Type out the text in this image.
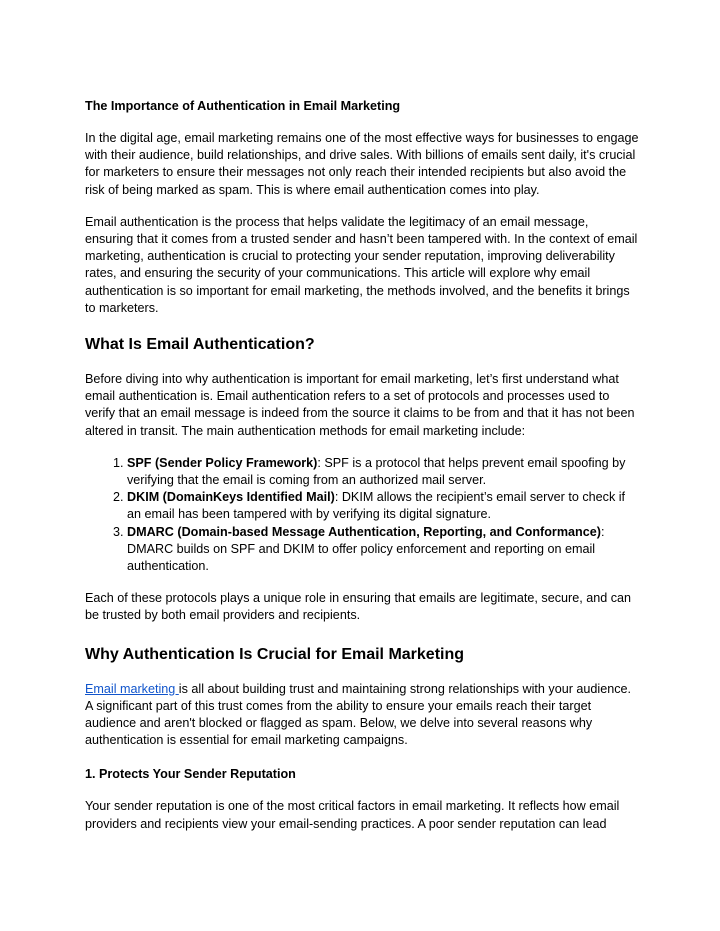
The Importance of Authentication in Email Marketing

In the digital age, email marketing remains one of the most effective ways for businesses to engage with their audience, build relationships, and drive sales. With billions of emails sent daily, it's crucial for marketers to ensure their messages not only reach their intended recipients but also avoid the risk of being marked as spam. This is where email authentication comes into play.

Email authentication is the process that helps validate the legitimacy of an email message, ensuring that it comes from a trusted sender and hasn’t been tampered with. In the context of email marketing, authentication is crucial to protecting your sender reputation, improving deliverability rates, and ensuring the security of your communications. This article will explore why email authentication is so important for email marketing, the methods involved, and the benefits it brings to marketers.

What Is Email Authentication?

Before diving into why authentication is important for email marketing, let’s first understand what email authentication is. Email authentication refers to a set of protocols and processes used to verify that an email message is indeed from the source it claims to be from and that it has not been altered in transit. The main authentication methods for email marketing include:

1. SPF (Sender Policy Framework): SPF is a protocol that helps prevent email spoofing by verifying that the email is coming from an authorized mail server.
2. DKIM (DomainKeys Identified Mail): DKIM allows the recipient’s email server to check if an email has been tampered with by verifying its digital signature.
3. DMARC (Domain-based Message Authentication, Reporting, and Conformance): DMARC builds on SPF and DKIM to offer policy enforcement and reporting on email authentication.

Each of these protocols plays a unique role in ensuring that emails are legitimate, secure, and can be trusted by both email providers and recipients.

Why Authentication Is Crucial for Email Marketing

Email marketing is all about building trust and maintaining strong relationships with your audience. A significant part of this trust comes from the ability to ensure your emails reach their target audience and aren't blocked or flagged as spam. Below, we delve into several reasons why authentication is essential for email marketing campaigns.

1. Protects Your Sender Reputation

Your sender reputation is one of the most critical factors in email marketing. It reflects how email providers and recipients view your email-sending practices. A poor sender reputation can lead
